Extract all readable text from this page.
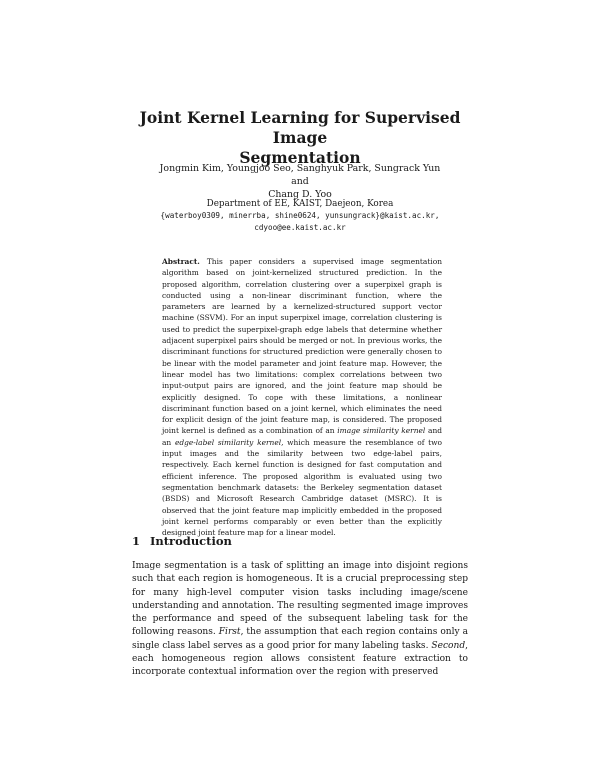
Joint Kernel Learning for Supervised Image
Segmentation
Jongmin Kim, Youngjoo Seo, Sanghyuk Park, Sungrack Yun and
Chang D. Yoo
Department of EE, KAIST, Daejeon, Korea
{waterboy0309, minerrba, shine0624, yunsungrack}@kaist.ac.kr,
cdyoo@ee.kaist.ac.kr
Abstract. This paper considers a supervised image segmentation algorithm based on joint-kernelized structured prediction. In the proposed algorithm, correlation clustering over a superpixel graph is conducted using a non-linear discriminant function, where the parameters are learned by a kernelized-structured support vector machine (SSVM). For an input superpixel image, correlation clustering is used to predict the superpixel-graph edge labels that determine whether adjacent superpixel pairs should be merged or not. In previous works, the discriminant functions for structured prediction were generally chosen to be linear with the model parameter and joint feature map. However, the linear model has two limitations: complex correlations between two input-output pairs are ignored, and the joint feature map should be explicitly designed. To cope with these limitations, a nonlinear discriminant function based on a joint kernel, which eliminates the need for explicit design of the joint feature map, is considered. The proposed joint kernel is defined as a combination of an image similarity kernel and an edge-label similarity kernel, which measure the resemblance of two input images and the similarity between two edge-label pairs, respectively. Each kernel function is designed for fast computation and efficient inference. The proposed algorithm is evaluated using two segmentation benchmark datasets: the Berkeley segmentation dataset (BSDS) and Microsoft Research Cambridge dataset (MSRC). It is observed that the joint feature map implicitly embedded in the proposed joint kernel performs comparably or even better than the explicitly designed joint feature map for a linear model.
1 Introduction
Image segmentation is a task of splitting an image into disjoint regions such that each region is homogeneous. It is a crucial preprocessing step for many high-level computer vision tasks including image/scene understanding and annotation. The resulting segmented image improves the performance and speed of the subsequent labeling task for the following reasons. First, the assumption that each region contains only a single class label serves as a good prior for many labeling tasks. Second, each homogeneous region allows consistent feature extraction to incorporate contextual information over the region with preserved
